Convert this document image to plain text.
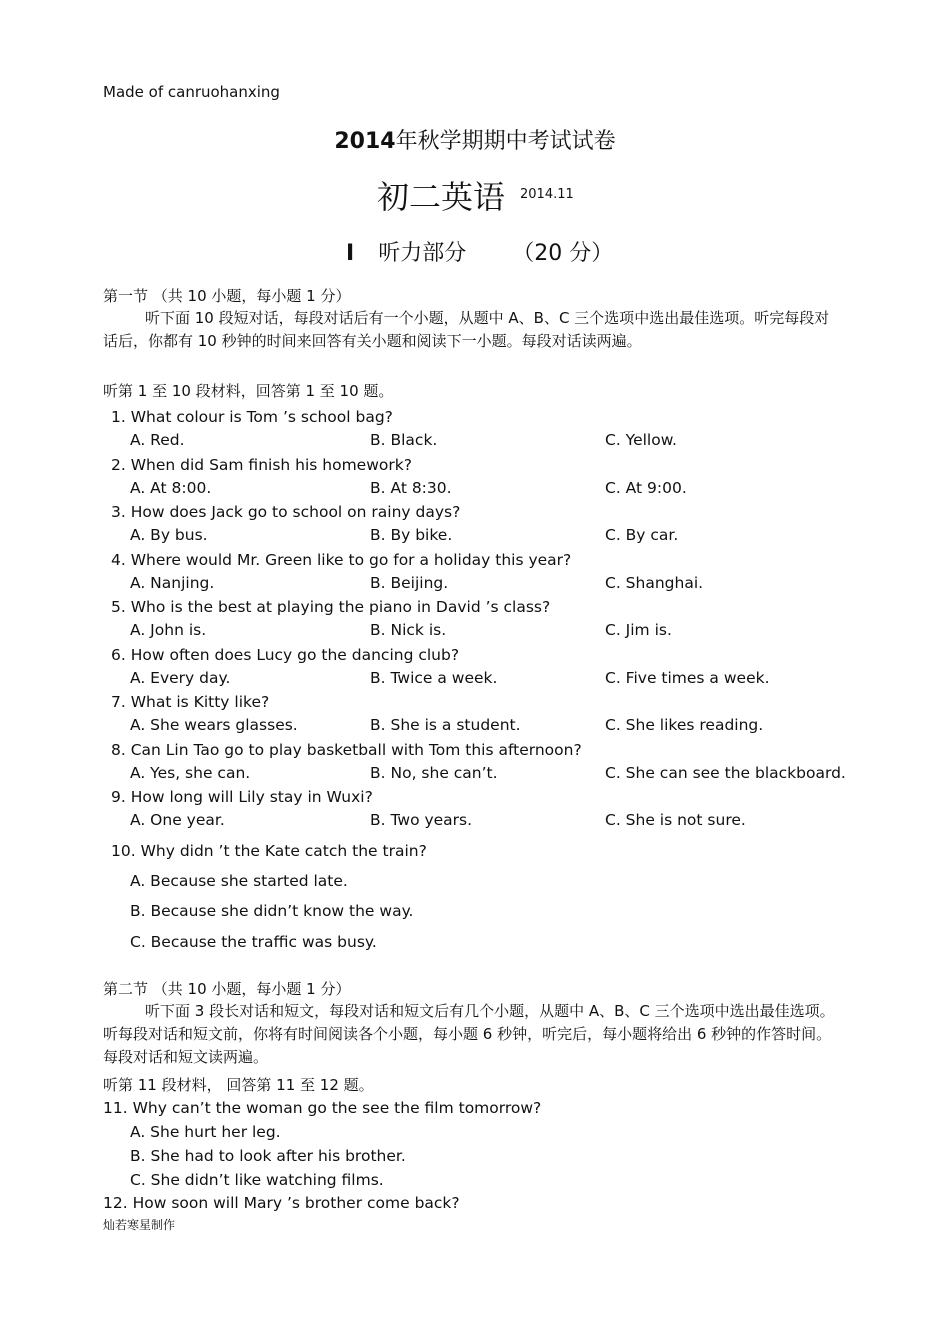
Made of canruohanxing
2014年秋学期期中考试试卷
初二英语 2014.11
I 听力部分 （20 分）
第一节 （共 10 小题，每小题 1 分）
听下面 10 段短对话，每段对话后有一个小题，从题中 A、B、C 三个选项中选出最佳选项。听完每段对话后，你都有 10 秒钟的时间来回答有关小题和阅读下一小题。每段对话读两遍。
听第 1 至 10 段材料，回答第 1 至 10 题。
1. What colour is Tom ’s school bag?
A. Red.	B. Black.	C. Yellow.
2. When did Sam finish his homework?
A. At 8:00.	B. At 8:30.	C. At 9:00.
3. How does Jack go to school on rainy days?
A. By bus.	B. By bike.	C. By car.
4. Where would Mr. Green like to go for a holiday this year?
A. Nanjing.	B. Beijing.	C. Shanghai.
5. Who is the best at playing the piano in David ’s class?
A. John is.	B. Nick is.	C. Jim is.
6. How often does Lucy go the dancing club?
A. Every day.	B. Twice a week.	C. Five times a week.
7. What is Kitty like?
A. She wears glasses.	B. She is a student.	C. She likes reading.
8. Can Lin Tao go to play basketball with Tom this afternoon?
A. Yes, she can.	B. No, she can’t.	C. She can see the blackboard.
9. How long will Lily stay in Wuxi?
A. One year.	B. Two years.	C. She is not sure.
10. Why didn ’t the Kate catch the train?
A. Because she started late.
B. Because she didn’t know the way.
C. Because the traffic was busy.
第二节 （共 10 小题，每小题 1 分）
听下面 3 段长对话和短文，每段对话和短文后有几个小题，从题中 A、B、C 三个选项中选出最佳选项。听每段对话和短文前，你将有时间阅读各个小题，每小题 6 秒钟，听完后，每小题将给出 6 秒钟的作答时间。每段对话和短文读两遍。
听第 11 段材料， 回答第 11 至 12 题。
11. Why can’t the woman go the see the film tomorrow?
A. She hurt her leg.
B. She had to look after his brother.
C. She didn’t like watching films.
12. How soon will Mary ’s brother come back?
灿若寒星制作
